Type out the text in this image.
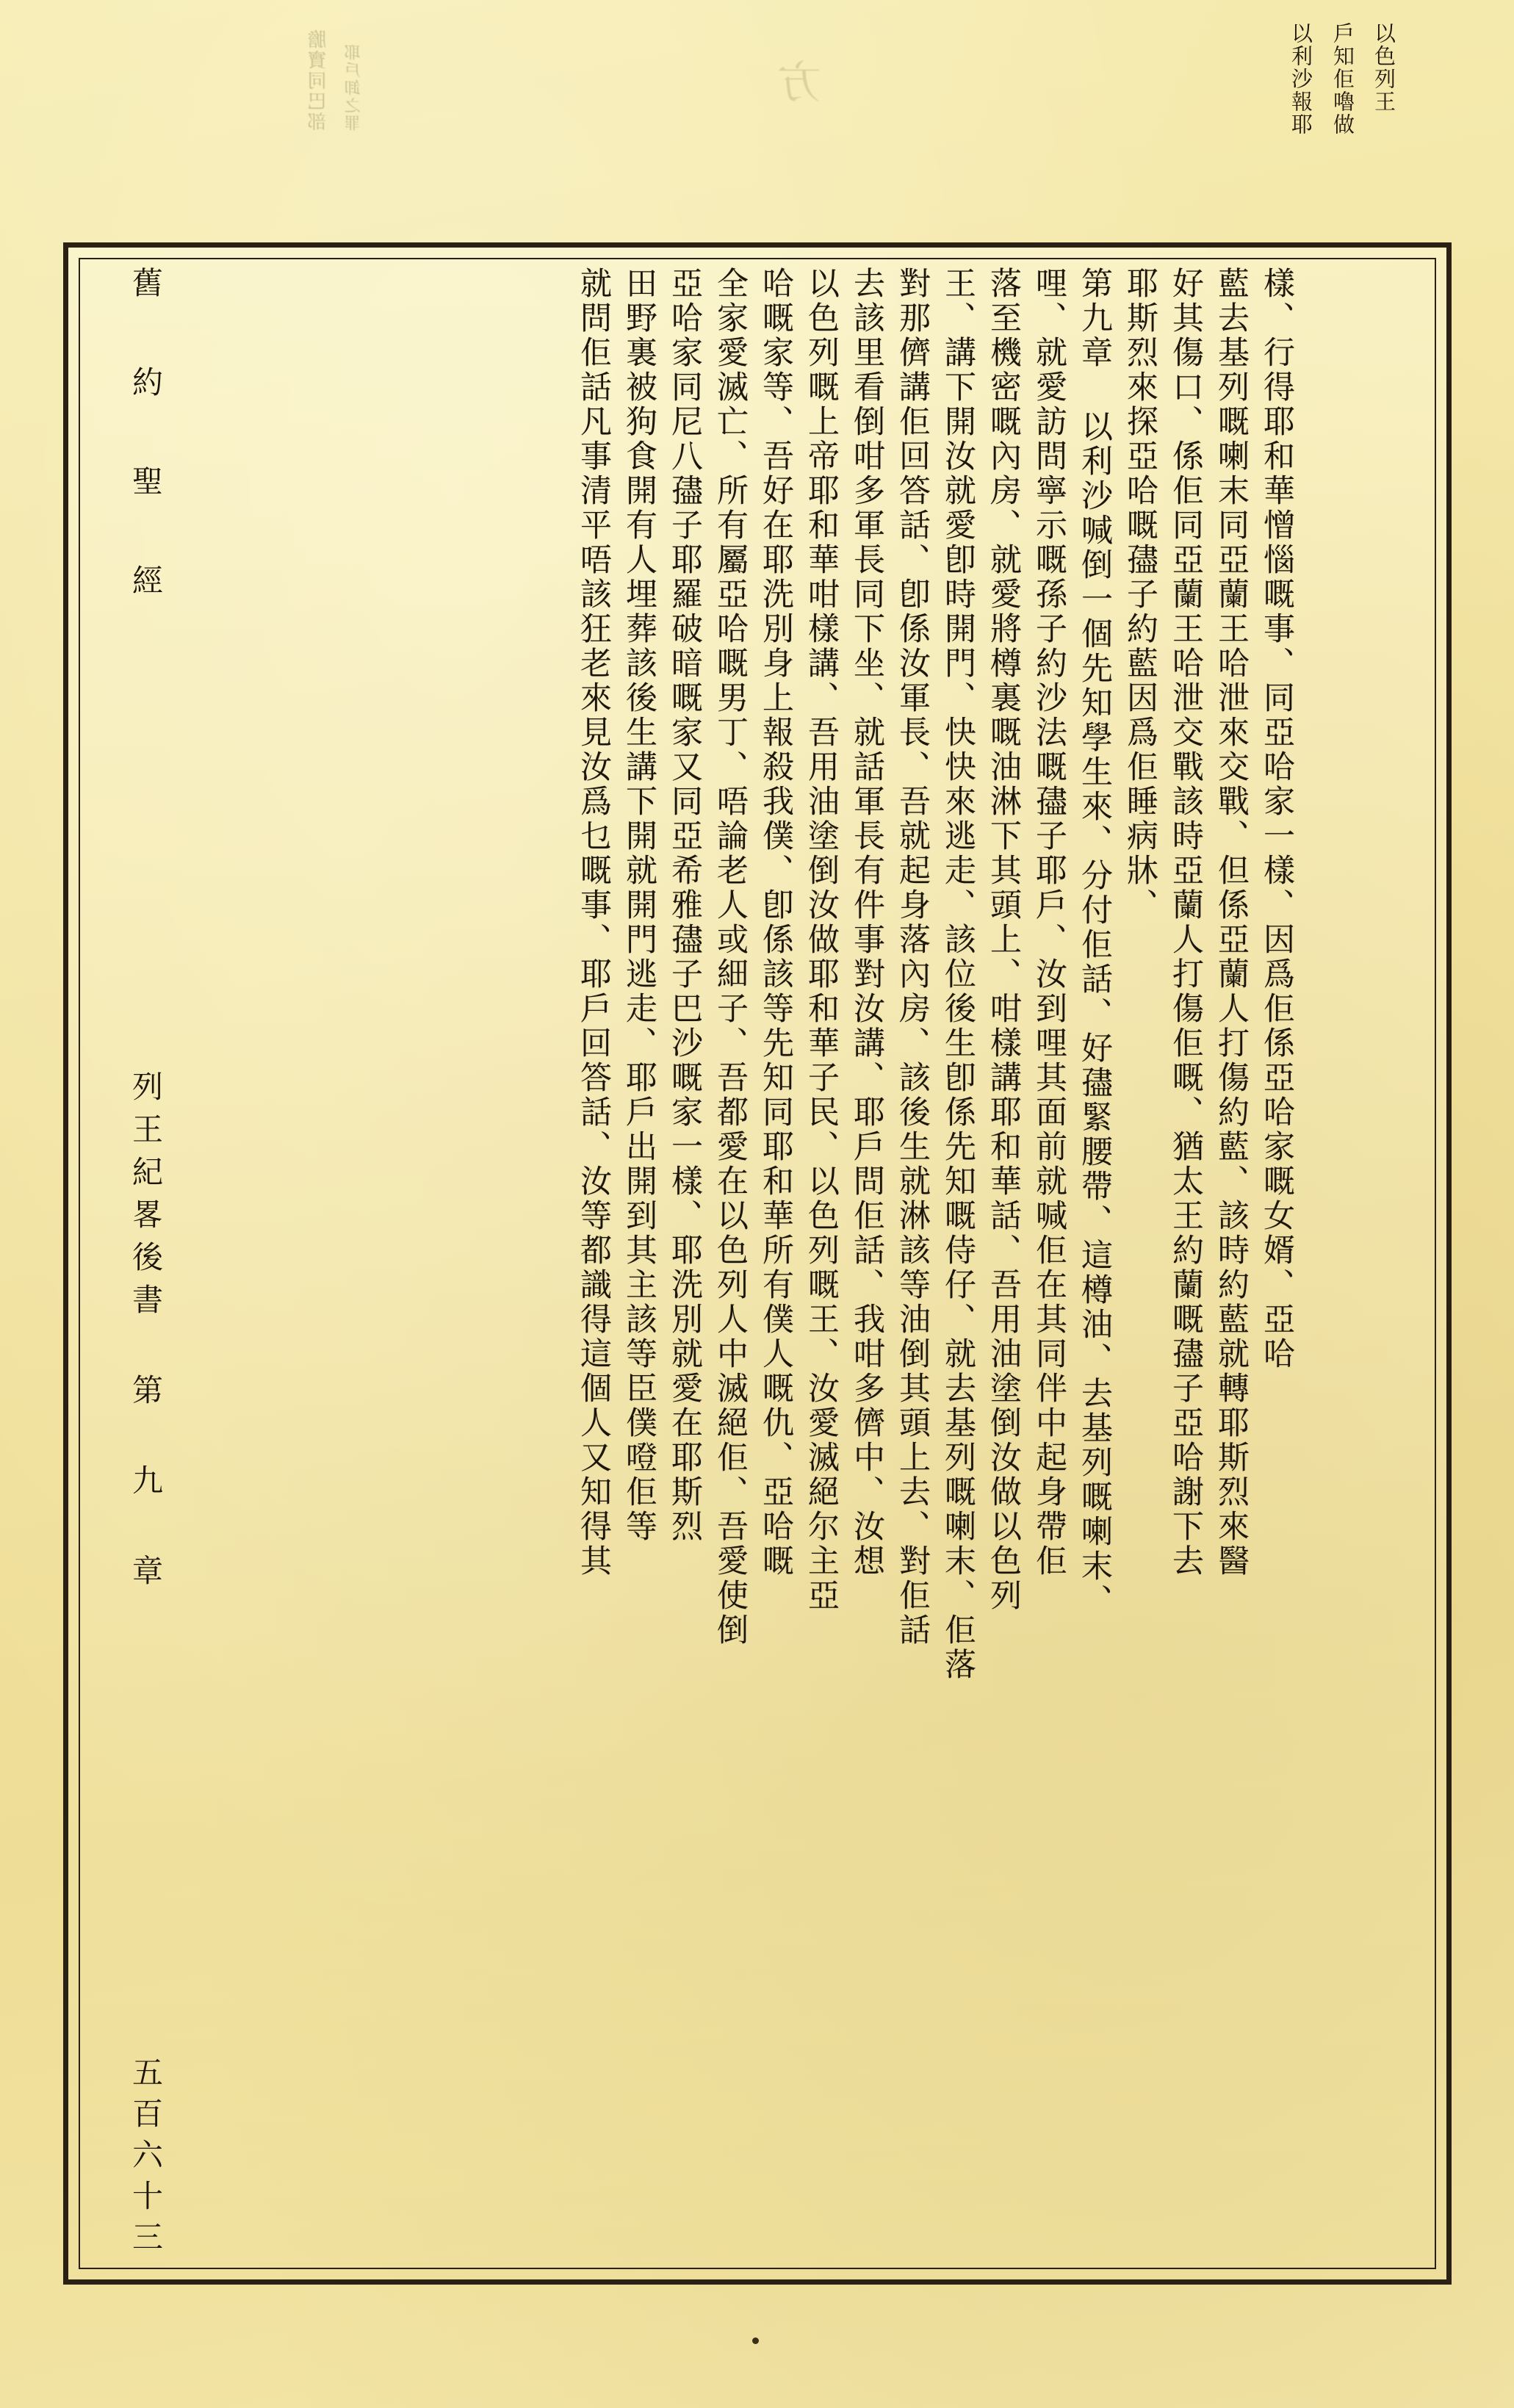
膽寶同巴部 耶戶卸之罪	方	以利沙報耶 戶知佢嚕做 以色列王
樣、行得耶和華憎惱嘅事、同亞哈家一樣、因爲佢係亞哈家嘅女婿、亞哈
藍去基列嘅喇末同亞蘭王哈泄來交戰、但係亞蘭人打傷約藍、該時約藍就轉耶斯烈來醫
好其傷口、係佢同亞蘭王哈泄交戰該時亞蘭人打傷佢嘅、猶太王約蘭嘅孻子亞哈謝下去
耶斯烈來探亞哈嘅孻子約藍因爲佢睡病牀、
第九章 以利沙喊倒一個先知學生來、分付佢話、好孻緊腰帶、這樽油、去基列嘅喇末、
哩、就愛訪問寧示嘅孫子約沙法嘅孻子耶戶、汝到哩其面前就喊佢在其同伴中起身帶佢
落至機密嘅內房、就愛將樽裏嘅油淋下其頭上、咁樣講耶和華話、吾用油塗倒汝做以色列
王、講下開汝就愛卽時開門、快快來逃走、該位後生卽係先知嘅侍仔、就去基列嘅喇末、佢落
對那儕講佢回答話、卽係汝軍長、吾就起身落內房、該後生就淋該等油倒其頭上去、對佢話
去該里看倒咁多軍長同下坐、就話軍長有件事對汝講、耶戶問佢話、我咁多儕中、汝想
以色列嘅上帝耶和華咁樣講、吾用油塗倒汝做耶和華子民、以色列嘅王、汝愛滅絕尔主亞
哈嘅家等、吾好在耶洗別身上報殺我僕、卽係該等先知同耶和華所有僕人嘅仇、亞哈嘅
全家愛滅亡、所有屬亞哈嘅男丁、唔論老人或細子、吾都愛在以色列人中滅絕佢、吾愛使倒
亞哈家同尼八孻子耶羅破暗嘅家又同亞希雅孻子巴沙嘅家一樣、耶洗別就愛在耶斯烈
田野裏被狗食開有人埋葬該後生講下開就開門逃走、耶戶出開到其主該等臣僕噔佢等
就問佢話凡事清平唔該狂老來見汝爲乜嘅事、耶戶回答話、汝等都識得這個人又知得其
舊 約 聖 經
列王紀畧後書 第 九 章
五百六十三
